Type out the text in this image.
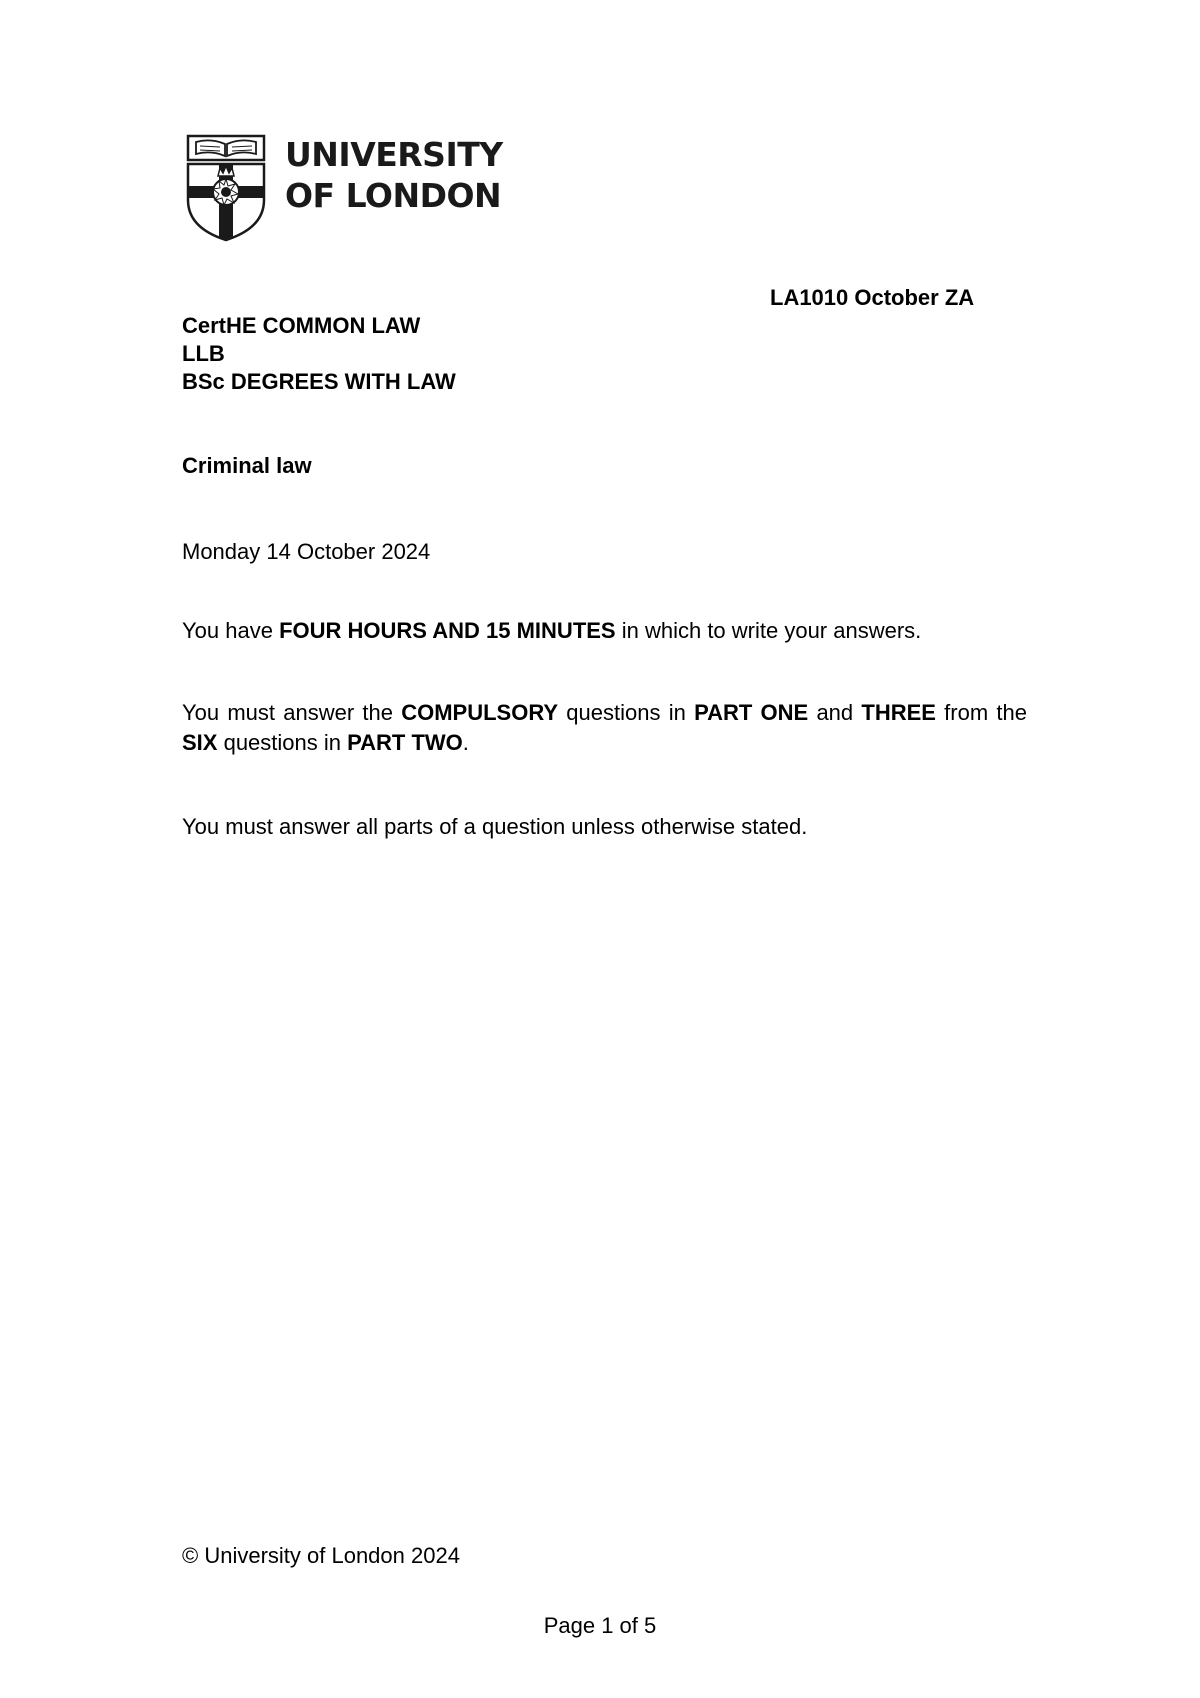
UNIVERSITY
OF LONDON
LA1010 October ZA
CertHE COMMON LAW
LLB
BSc DEGREES WITH LAW
Criminal law
Monday 14 October 2024
You have FOUR HOURS AND 15 MINUTES in which to write your answers.
You must answer the COMPULSORY questions in PART ONE and THREE from the SIX questions in PART TWO.
You must answer all parts of a question unless otherwise stated.
© University of London 2024
Page 1 of 5
